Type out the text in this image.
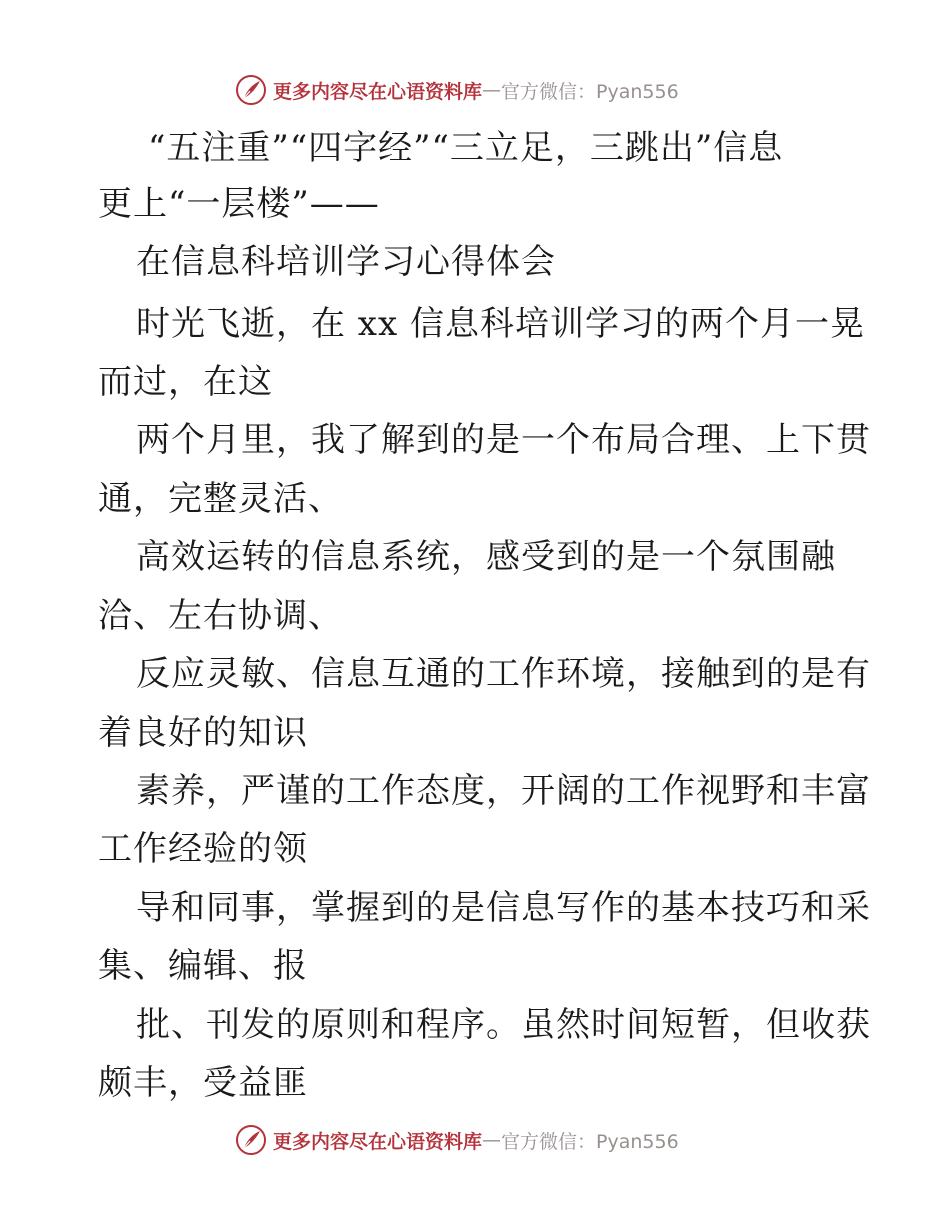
更多内容尽在心语资料库 — 官方微信：Pyan556
“五注重”“四字经”“三立足，三跳出”信息
更上“一层楼”——
在信息科培训学习心得体会
时光飞逝，在 xx 信息科培训学习的两个月一晃
而过，在这
两个月里，我了解到的是一个布局合理、上下贯
通，完整灵活、
高效运转的信息系统，感受到的是一个氛围融
洽、左右协调、
反应灵敏、信息互通的工作环境，接触到的是有
着良好的知识
素养，严谨的工作态度，开阔的工作视野和丰富
工作经验的领
导和同事，掌握到的是信息写作的基本技巧和采
集、编辑、报
批、刊发的原则和程序。虽然时间短暂，但收获
颇丰，受益匪
更多内容尽在心语资料库 — 官方微信：Pyan556
